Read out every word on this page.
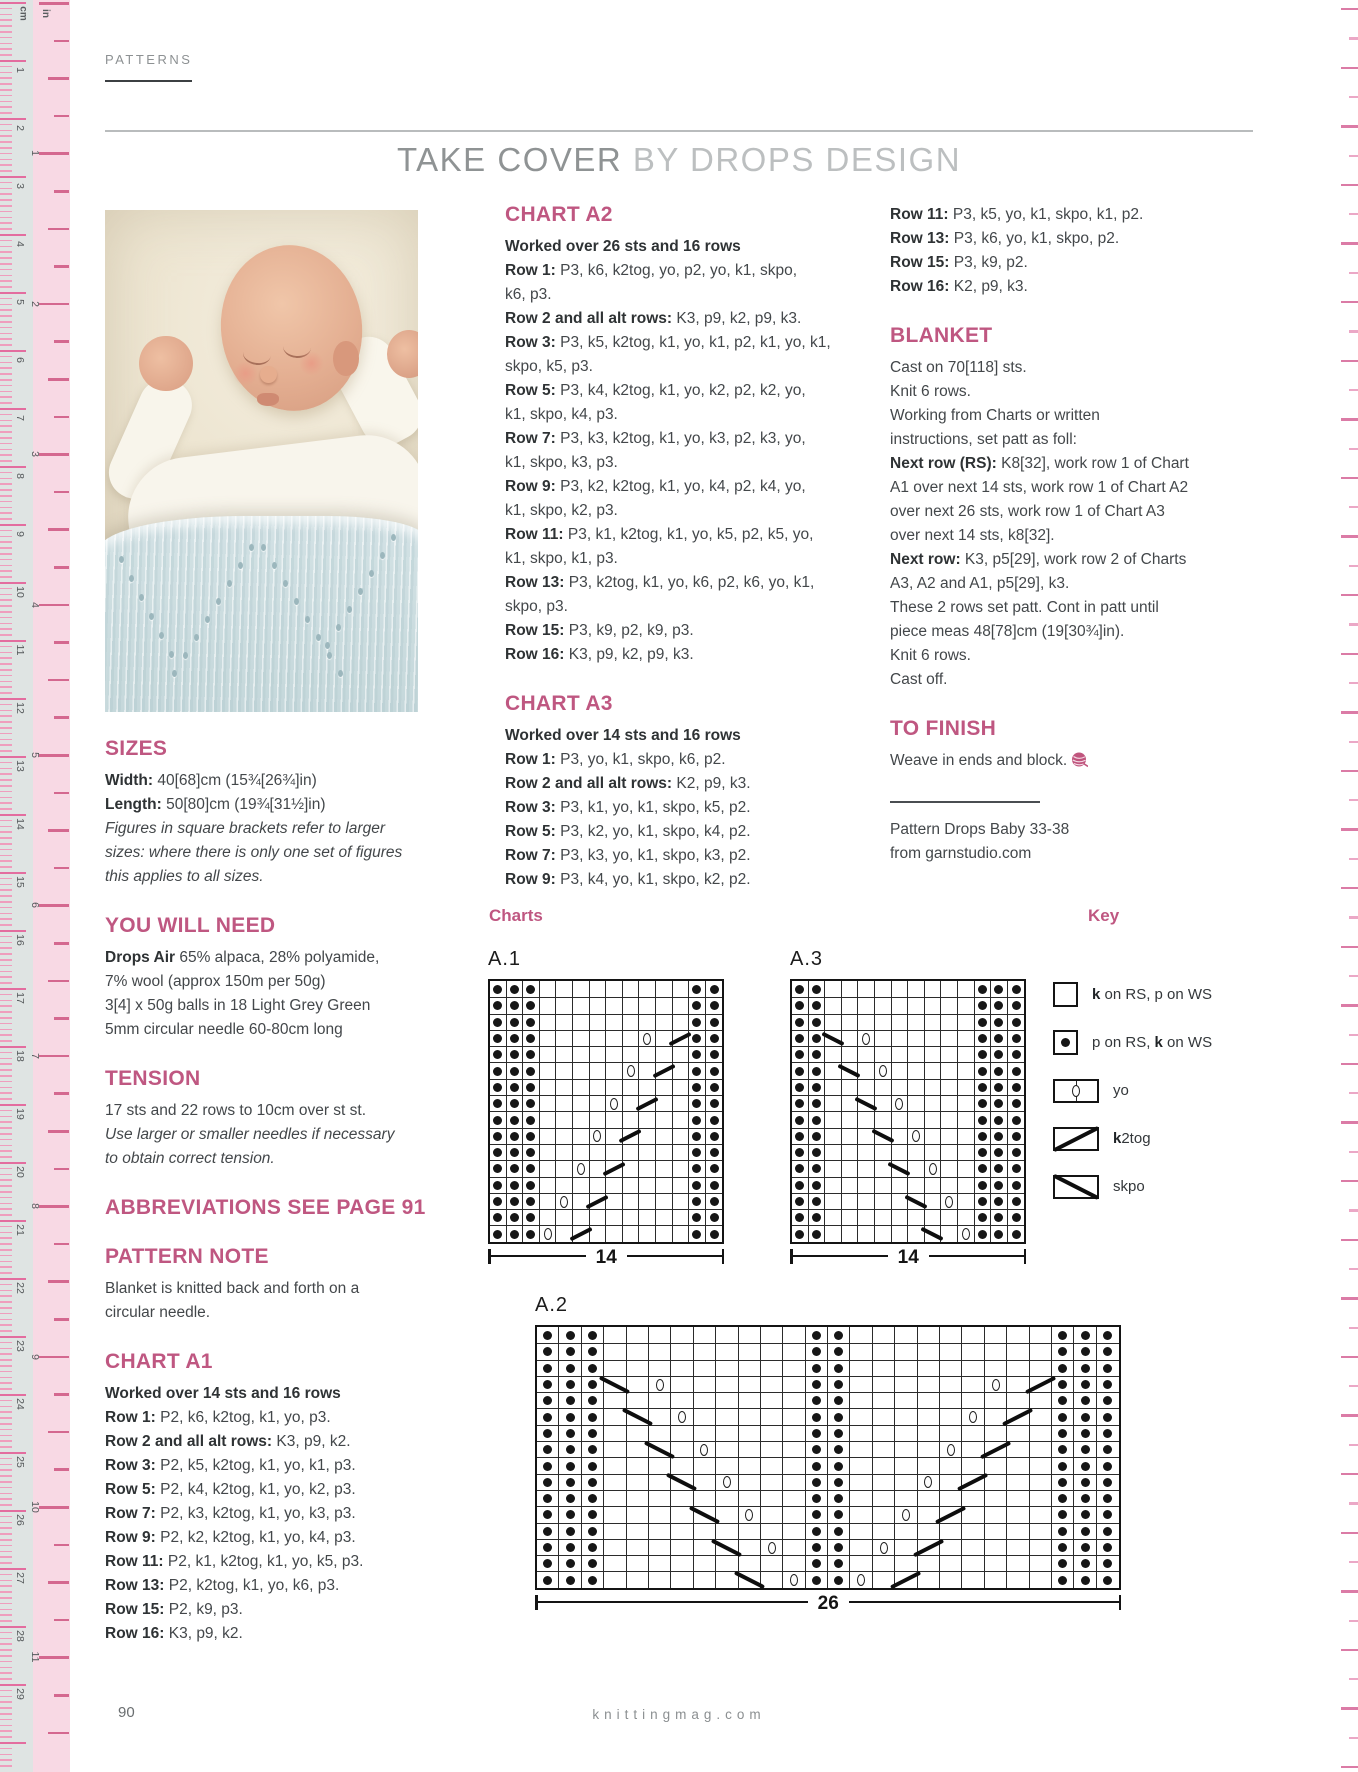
cm
1
2
3
4
5
6
7
8
9
10
11
12
13
14
15
16
17
18
19
20
21
22
23
24
25
26
27
28
29
in
1
2
3
4
5
6
7
8
9
10
11
PATTERNS
TAKE COVER BY DROPS DESIGN
SIZES

Width: 40[68]cm (15¾[26¾]in)

Length: 50[80]cm (19¾[31½]in)

Figures in square brackets refer to larger

sizes: where there is only one set of figures

this applies to all sizes.

YOU WILL NEED

Drops Air 65% alpaca, 28% polyamide,

7% wool (approx 150m per 50g)

3[4] x 50g balls in 18 Light Grey Green

5mm circular needle 60-80cm long

TENSION

17 sts and 22 rows to 10cm over st st.

Use larger or smaller needles if necessary

to obtain correct tension.

ABBREVIATIONS SEE PAGE 91
PATTERN NOTE

Blanket is knitted back and forth on a

circular needle.

CHART A1

Worked over 14 sts and 16 rows

Row 1: P2, k6, k2tog, k1, yo, p3.

Row 2 and all alt rows: K3, p9, k2.

Row 3: P2, k5, k2tog, k1, yo, k1, p3.

Row 5: P2, k4, k2tog, k1, yo, k2, p3.

Row 7: P2, k3, k2tog, k1, yo, k3, p3.

Row 9: P2, k2, k2tog, k1, yo, k4, p3.

Row 11: P2, k1, k2tog, k1, yo, k5, p3.

Row 13: P2, k2tog, k1, yo, k6, p3.

Row 15: P2, k9, p3.

Row 16: K3, p9, k2.

CHART A2

Worked over 26 sts and 16 rows

Row 1: P3, k6, k2tog, yo, p2, yo, k1, skpo,

k6, p3.

Row 2 and all alt rows: K3, p9, k2, p9, k3.

Row 3: P3, k5, k2tog, k1, yo, k1, p2, k1, yo, k1,

skpo, k5, p3.

Row 5: P3, k4, k2tog, k1, yo, k2, p2, k2, yo,

k1, skpo, k4, p3.

Row 7: P3, k3, k2tog, k1, yo, k3, p2, k3, yo,

k1, skpo, k3, p3.

Row 9: P3, k2, k2tog, k1, yo, k4, p2, k4, yo,

k1, skpo, k2, p3.

Row 11: P3, k1, k2tog, k1, yo, k5, p2, k5, yo,

k1, skpo, k1, p3.

Row 13: P3, k2tog, k1, yo, k6, p2, k6, yo, k1,

skpo, p3.

Row 15: P3, k9, p2, k9, p3.

Row 16: K3, p9, k2, p9, k3.

CHART A3

Worked over 14 sts and 16 rows

Row 1: P3, yo, k1, skpo, k6, p2.

Row 2 and all alt rows: K2, p9, k3.

Row 3: P3, k1, yo, k1, skpo, k5, p2.

Row 5: P3, k2, yo, k1, skpo, k4, p2.

Row 7: P3, k3, yo, k1, skpo, k3, p2.

Row 9: P3, k4, yo, k1, skpo, k2, p2.

Row 11: P3, k5, yo, k1, skpo, k1, p2.

Row 13: P3, k6, yo, k1, skpo, p2.

Row 15: P3, k9, p2.

Row 16: K2, p9, k3.

BLANKET

Cast on 70[118] sts.

Knit 6 rows.

Working from Charts or written

instructions, set patt as foll:

Next row (RS): K8[32], work row 1 of Chart

A1 over next 14 sts, work row 1 of Chart A2

over next 26 sts, work row 1 of Chart A3

over next 14 sts, k8[32].

Next row: K3, p5[29], work row 2 of Charts

A3, A2 and A1, p5[29], k3.

These 2 rows set patt. Cont in patt until

piece meas 48[78]cm (19[30¾]in).

Knit 6 rows.

Cast off.

TO FINISH

Weave in ends and block.

Pattern Drops Baby 33-38

from garnstudio.com

Charts	Key
A.1
14
A.3
14
A.2
26
k on RS, p on WS
p on RS, k on WS
yo
k2tog
skpo
90	knittingmag.com
